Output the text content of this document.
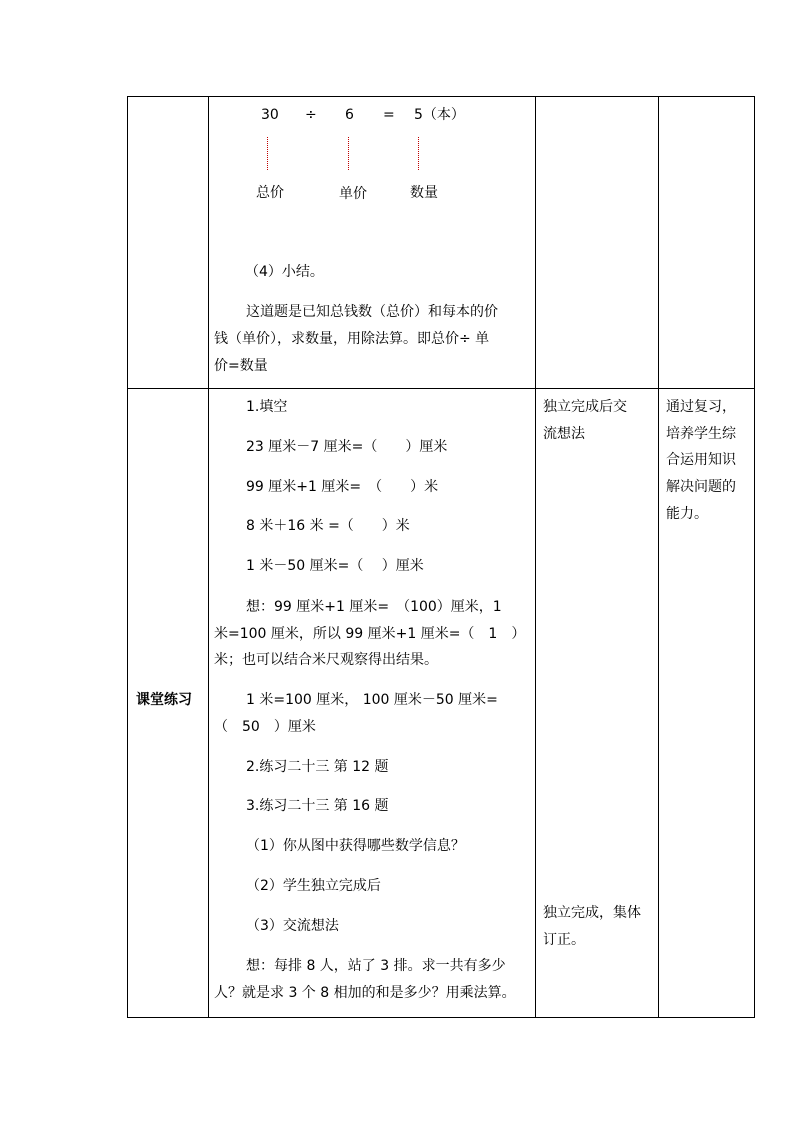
30 ÷ 6 = 5（本）
总价	单价	数量
（4）小结。
这道题是已知总钱数（总价）和每本的价
钱（单价），求数量，用除法算。即总价÷ 单
价=数量
课堂练习
1.填空
23 厘米－7 厘米=（　　）厘米
99 厘米+1 厘米=　（　　）米
8 米＋16 米 =（　　）米
1 米－50 厘米=（　 ）厘米
想：99 厘米+1 厘米=　（100）厘米，1
米=100 厘米，所以 99 厘米+1 厘米=（　1　）
米；也可以结合米尺观察得出结果。
1 米=100 厘米， 100 厘米－50 厘米=
（　50　）厘米
2.练习二十三 第 12 题
3.练习二十三 第 16 题
（1）你从图中获得哪些数学信息？
（2）学生独立完成后
（3）交流想法
想：每排 8 人，站了 3 排。求一共有多少
人？就是求 3 个 8 相加的和是多少？用乘法算。
独立完成后交
流想法
独立完成，集体
订正。
通过复习，
培养学生综
合运用知识
解决问题的
能力。
